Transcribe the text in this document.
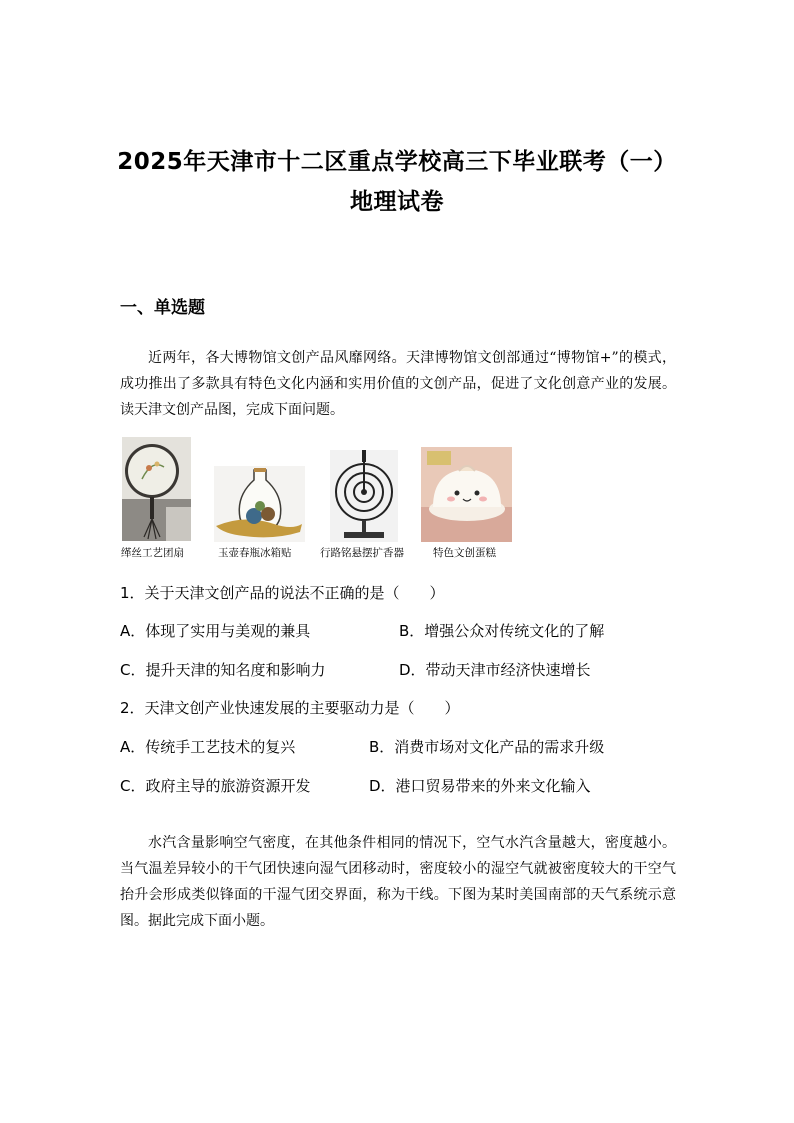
2025年天津市十二区重点学校高三下毕业联考（一）
地理试卷
一、单选题
近两年，各大博物馆文创产品风靡网络。天津博物馆文创部通过“博物馆+”的模式，成功推出了多款具有特色文化内涵和实用价值的文创产品，促进了文化创意产业的发展。读天津文创产品图，完成下面问题。
缂丝工艺团扇	玉壶春瓶冰箱贴	行路铭悬摆扩香器	特色文创蛋糕
1．关于天津文创产品的说法不正确的是（　　）
A．体现了实用与美观的兼具	B．增强公众对传统文化的了解
C．提升天津的知名度和影响力	D．带动天津市经济快速增长
2．天津文创产业快速发展的主要驱动力是（　　）
A．传统手工艺技术的复兴	B．消费市场对文化产品的需求升级
C．政府主导的旅游资源开发	D．港口贸易带来的外来文化输入
水汽含量影响空气密度，在其他条件相同的情况下，空气水汽含量越大，密度越小。当气温差异较小的干气团快速向湿气团移动时，密度较小的湿空气就被密度较大的干空气抬升会形成类似锋面的干湿气团交界面，称为干线。下图为某时美国南部的天气系统示意图。据此完成下面小题。
